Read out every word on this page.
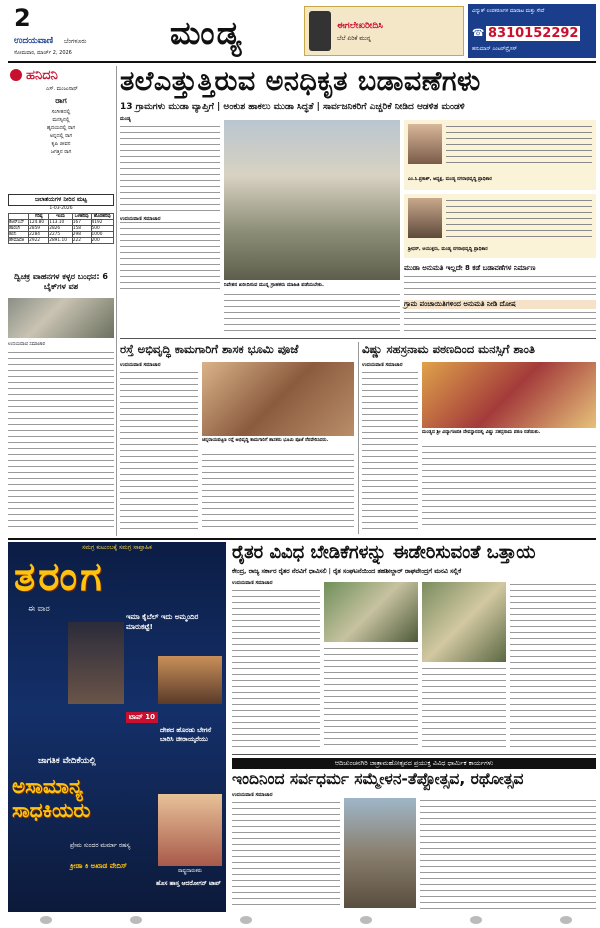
2
ಉದಯವಾಣಿ ಬೆಂಗಳೂರು
ಸೋಮವಾರ, ಮಾರ್ಚ್ 2, 2026
ಮಂಡ್ಯ	ಈಗಲೇಖರೀದಿಸಿ
ಬೆಲೆ ಏರಿಕೆ ಮುನ್ನ
ವಿದ್ಯುತ್ ಉಪಕರಣಗಳ ಮಾರಾಟ ಮತ್ತು ಸೇವೆ
8310152292
☎
ಹನುಮಾನ್ ಎಂಟರ್‌ಪ್ರೈಸಸ್
ಹನಿದನಿ
ಎಸ್. ಮಂಜುನಾಥ್
ರಾಗ
ಸಂಗೀತದಲ್ಲಿ
ಮನಸ್ಸಿನಲ್ಲಿ
ಹೃದಯದಲ್ಲಿ ರಾಗ
ಅನ್ನದಲ್ಲಿ ರಾಗ
ಕೃಷಿ ಜೀವನ
ಜಗತ್ತಿನ ರಾಗ
ಜಲಾಶಯಗಳ ನೀರಿನ ಮಟ್ಟ
1-03-2026
	ಗರಿಷ್ಠ	ಇಂದು	ಒಳಹರಿವು	ಹೊರಹರಿವು
ಕೆಆರ್‌ಎಸ್	124.80	113.10	167	4192
ಹಾರಂಗಿ	2859	2826	158	500
ಕಬಿನಿ	2284	2275	298	1000
ಹೇಮಾವತಿ	2922	2891.10	222	200
ದ್ವಿಚಕ್ರ ವಾಹನಗಳ ಕಳ್ಳರ ಬಂಧನ: 6 ಬೈಕ್‌ಗಳ ವಶ
ಉದಯವಾಣಿ ಸಮಾಚಾರ
ತಲೆಎತ್ತುತ್ತಿರುವ ಅನಧಿಕೃತ ಬಡಾವಣೆಗಳು
13 ಗ್ರಾಮಗಳು ಮುಡಾ ವ್ಯಾಪ್ತಿಗೆ | ಅಂಕುಶ ಹಾಕಲು ಮುಡಾ ಸಿದ್ಧತೆ | ಸಾರ್ವಜನಿಕರಿಗೆ ಎಚ್ಚರಿಕೆ ನೀಡಿದ ಆಡಳಿತ ಮಂಡಳಿ
ಮಂಡ್ಯ
ಉದಯವಾಣಿ ಸಮಾಚಾರ
ನಿವೇಶನ ಖರೀದಿಸುವ ಮುನ್ನ ಗ್ರಾಹಕರು ಮಾಹಿತಿ ಪಡೆಯಬೇಕು.
ಎಂ.ಸಿ.ಪ್ರಕಾಶ್, ಅಧ್ಯಕ್ಷ, ಮಂಡ್ಯ ನಗರಾಭಿವೃದ್ಧಿ ಪ್ರಾಧಿಕಾರ
ಶ್ರೀಧರ್, ಆಯುಕ್ತರು, ಮಂಡ್ಯ ನಗರಾಭಿವೃದ್ಧಿ ಪ್ರಾಧಿಕಾರ
ಮುಡಾ ಅನುಮತಿ ಇಲ್ಲದೇ 8 ಕಡೆ ಬಡಾವಣೆಗಳ ನಿರ್ಮಾಣ
ಗ್ರಾಮ ಪಂಚಾಯಿತಿಗಳಿಂದ ಅನುಮತಿ ನೀಡಿ ದೋಷ
ರಸ್ತೆ ಅಭಿವೃದ್ಧಿ ಕಾಮಗಾರಿಗೆ ಶಾಸಕ ಭೂಮಿ ಪೂಜೆ
ಉದಯವಾಣಿ ಸಮಾಚಾರ
ಚನ್ನರಾಯಪಟ್ಟಣ ರಸ್ತೆ ಅಭಿವೃದ್ಧಿ ಕಾಮಗಾರಿಗೆ ಶಾಸಕರು ಭೂಮಿ ಪೂಜೆ ನೆರವೇರಿಸಿದರು.
ವಿಷ್ಣು ಸಹಸ್ರನಾಮ ಪಠಣದಿಂದ ಮನಸ್ಸಿಗೆ ಶಾಂತಿ
ಉದಯವಾಣಿ ಸಮಾಚಾರ
ಮಂಡ್ಯದ ಶ್ರೀ ವಿದ್ಯಾಗಣಪತಿ ದೇವಸ್ಥಾನದಲ್ಲಿ ವಿಷ್ಣು ಸಹಸ್ರನಾಮ ಪಠಣ ನಡೆಯಿತು.
ಸಮಗ್ರ ಕುಟುಂಬಕ್ಕೆ ಸಮಗ್ರ ಸಾಪ್ತಾಹಿಕ
ತರಂಗ
ಈ ವಾರ
ಇಮಾ ಕೈಬೆಲ್ ಇದು ಅಮ್ಮಂದಿರ ಮಾರುಕಟ್ಟೆ!
ಟಾಪ್ 10
ದೇಶದ ಹೊರಡು ಬೇಗನೆ ಬಾರಿಸಿ ಚೀರಾಯ್ಕರೆಯು
ಜಾಗತಿಕ ವೇದಿಕೆಯಲ್ಲಿ
ಅಸಾಮಾನ್ಯ ಸಾಧಕಿಯರು
ರಾಷ್ಟ್ರದಾರುಕರು
ಪ್ರೇಮ ಸುಂದರ ಮರ್ಮಾ ರಹಸ್ಯ
ಕ್ರೀಡಾ ಕಿ ಅಖಾಡ ವೇದಿಸ್
ಹೊಸ ಹಾಸ್ತ ಆದರೋಗನ್ ಟಾಪ್
ರೈತರ ವಿವಿಧ ಬೇಡಿಕೆಗಳನ್ನು ಈಡೇರಿಸುವಂತೆ ಒತ್ತಾಯ
ಕೇಂದ್ರ, ರಾಜ್ಯ ಸರ್ಕಾರ ರೈತರ ನೆರವಿಗೆ ಧಾವಿಸಲಿ | ರೈತ ಸಂಘಟನೆಯಿಂದ ತಹಶೀಲ್ದಾರ್ ರಾಘವೇಂದ್ರಗೆ ಮನವಿ ಸಲ್ಲಿಕೆ
ಉದಯವಾಣಿ ಸಮಾಚಾರ
ಆದಿಚುಂಚನಗಿರಿ ಜಾತ್ರಾಮಹೋತ್ಸವದ ಪ್ರಯುಕ್ತ ವಿವಿಧ ಧಾರ್ಮಿಕ ಕಾರ್ಯಗಳು
ಇಂದಿನಿಂದ ಸರ್ವಧರ್ಮ ಸಮ್ಮೇಳನ-ತೆಪ್ಪೋತ್ಸವ, ರಥೋತ್ಸವ
ಉದಯವಾಣಿ ಸಮಾಚಾರ
